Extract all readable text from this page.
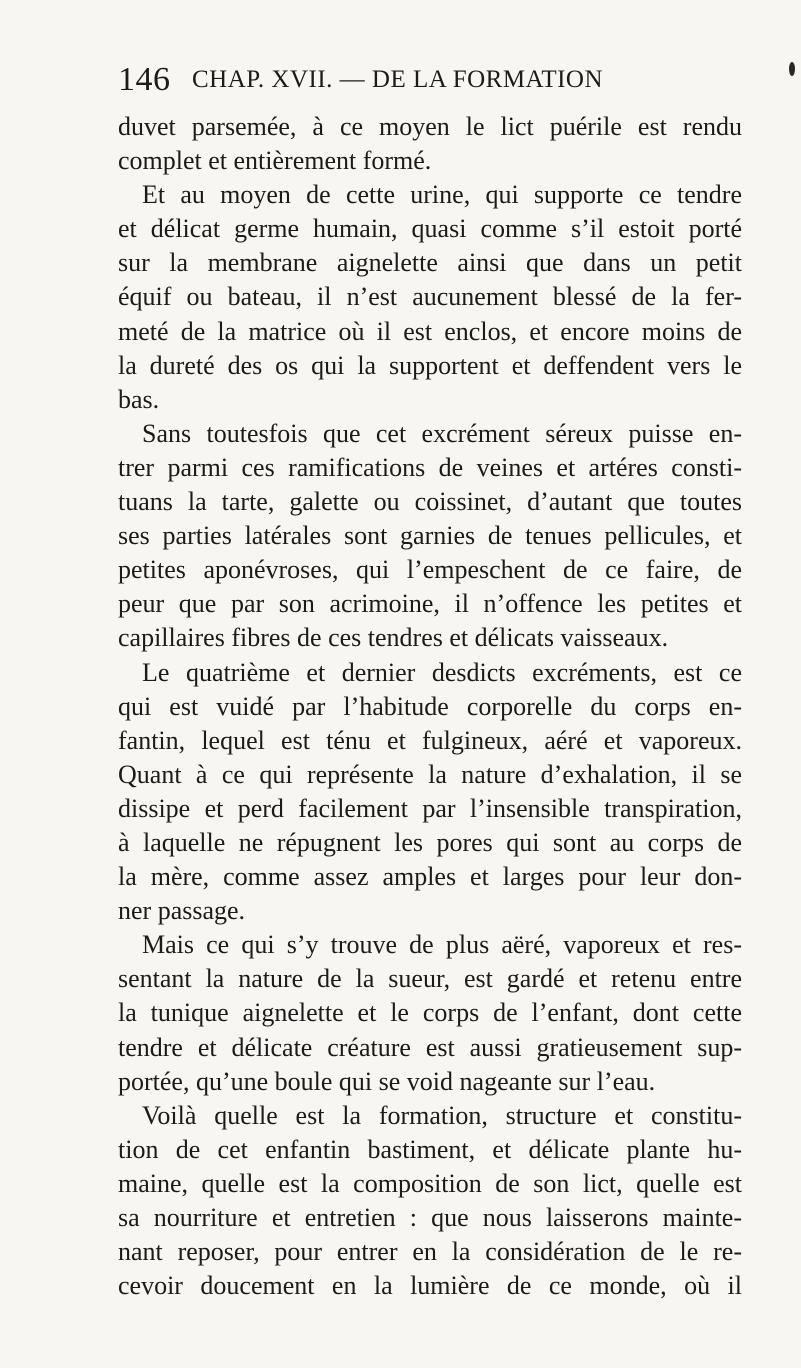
146 CHAP. XVII. — DE LA FORMATION
duvet parsemée, à ce moyen le lict puérile est rendu
complet et entièrement formé.
Et au moyen de cette urine, qui supporte ce tendre
et délicat germe humain, quasi comme s’il estoit porté
sur la membrane aignelette ainsi que dans un petit
équif ou bateau, il n’est aucunement blessé de la fer-
meté de la matrice où il est enclos, et encore moins de
la dureté des os qui la supportent et deffendent vers le
bas.
Sans toutesfois que cet excrément séreux puisse en-
trer parmi ces ramifications de veines et artéres consti-
tuans la tarte, galette ou coissinet, d’autant que toutes
ses parties latérales sont garnies de tenues pellicules, et
petites aponévroses, qui l’empeschent de ce faire, de
peur que par son acrimoine, il n’offence les petites et
capillaires fibres de ces tendres et délicats vaisseaux.
Le quatrième et dernier desdicts excréments, est ce
qui est vuidé par l’habitude corporelle du corps en-
fantin, lequel est ténu et fulgineux, aéré et vaporeux.
Quant à ce qui représente la nature d’exhalation, il se
dissipe et perd facilement par l’insensible transpiration,
à laquelle ne répugnent les pores qui sont au corps de
la mère, comme assez amples et larges pour leur don-
ner passage.
Mais ce qui s’y trouve de plus aëré, vaporeux et res-
sentant la nature de la sueur, est gardé et retenu entre
la tunique aignelette et le corps de l’enfant, dont cette
tendre et délicate créature est aussi gratieusement sup-
portée, qu’une boule qui se void nageante sur l’eau.
Voilà quelle est la formation, structure et constitu-
tion de cet enfantin bastiment, et délicate plante hu-
maine, quelle est la composition de son lict, quelle est
sa nourriture et entretien : que nous laisserons mainte-
nant reposer, pour entrer en la considération de le re-
cevoir doucement en la lumière de ce monde, où il
